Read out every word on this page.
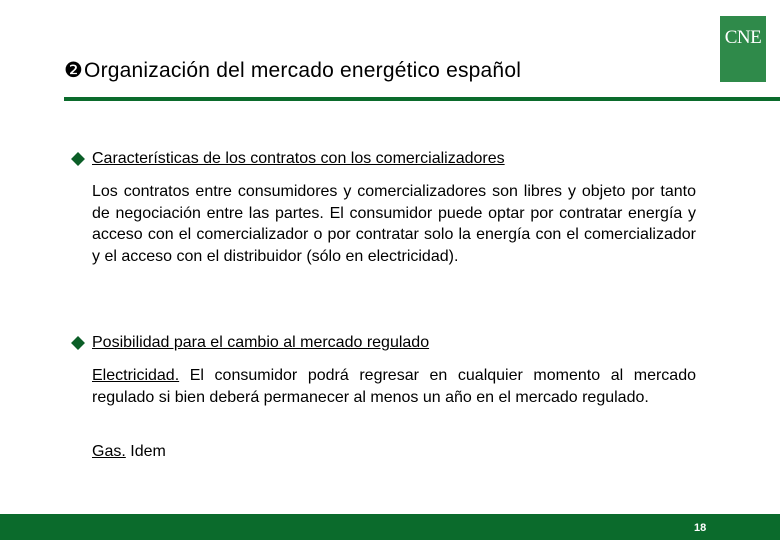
❷Organización del mercado energético español
CNE
Características de los contratos con los comercializadores
Los contratos entre consumidores y comercializadores son libres y objeto por tanto de negociación entre las partes. El consumidor puede optar por contratar energía y acceso con el comercializador o por contratar solo la energía con el comercializador y el acceso con el distribuidor (sólo en electricidad).
Posibilidad para el cambio al mercado regulado
Electricidad. El consumidor podrá regresar en cualquier momento al mercado regulado si bien deberá permanecer al menos un año en el mercado regulado.
Gas. Idem
18
